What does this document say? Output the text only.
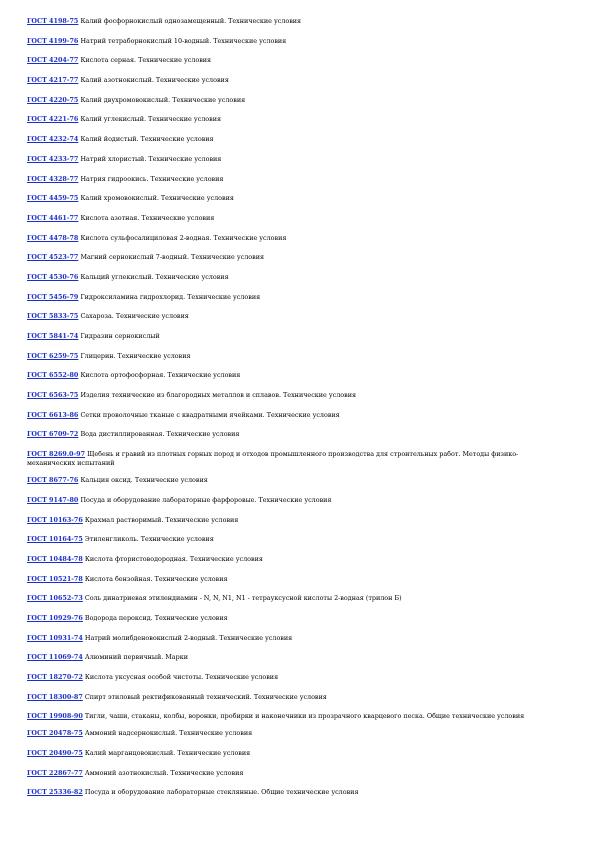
ГОСТ 4198-75 Калий фосфорнокислый однозамещенный. Технические условия
ГОСТ 4199-76 Натрий тетраборнокислый 10-водный. Технические условия
ГОСТ 4204-77 Кислота серная. Технические условия
ГОСТ 4217-77 Калий азотнокислый. Технические условия
ГОСТ 4220-75 Калий двухромовокислый. Технические условия
ГОСТ 4221-76 Калий углекислый. Технические условия
ГОСТ 4232-74 Калий йодистый. Технические условия
ГОСТ 4233-77 Натрий хлористый. Технические условия
ГОСТ 4328-77 Натрия гидроокись. Технические условия
ГОСТ 4459-75 Калий хромовокислый. Технические условия
ГОСТ 4461-77 Кислота азотная. Технические условия
ГОСТ 4478-78 Кислота сульфосалициловая 2-водная. Технические условия
ГОСТ 4523-77 Магний сернокислый 7-водный. Технические условия
ГОСТ 4530-76 Кальций углекислый. Технические условия
ГОСТ 5456-79 Гидроксиламина гидрохлорид. Технические условия
ГОСТ 5833-75 Сахароза. Технические условия
ГОСТ 5841-74 Гидразин сернокислый
ГОСТ 6259-75 Глицерин. Технические условия
ГОСТ 6552-80 Кислота ортофосфорная. Технические условия
ГОСТ 6563-75 Изделия технические из благородных металлов и сплавов. Технические условия
ГОСТ 6613-86 Сетки проволочные тканые с квадратными ячейками. Технические условия
ГОСТ 6709-72 Вода дистиллированная. Технические условия
ГОСТ 8269.0-97 Щебень и гравий из плотных горных пород и отходов промышленного производства для строительных работ. Методы физико-механических испытаний
ГОСТ 8677-76 Кальция оксид. Технические условия
ГОСТ 9147-80 Посуда и оборудование лабораторные фарфоровые. Технические условия
ГОСТ 10163-76 Крахмал растворимый. Технические условия
ГОСТ 10164-75 Этиленгликоль. Технические условия
ГОСТ 10484-78 Кислота фтористоводородная. Технические условия
ГОСТ 10521-78 Кислота бензойная. Технические условия
ГОСТ 10652-73 Соль динатриевая этилендиамин - N, N, N1, N1 - тетрауксусной кислоты 2-водная (трилон Б)
ГОСТ 10929-76 Водорода пероксид. Технические условия
ГОСТ 10931-74 Натрий молибденовокислый 2-водный. Технические условия
ГОСТ 11069-74 Алюминий первичный. Марки
ГОСТ 18270-72 Кислота уксусная особой чистоты. Технические условия
ГОСТ 18300-87 Спирт этиловый ректификованный технический. Технические условия
ГОСТ 19908-90 Тигли, чаши, стаканы, колбы, воронки, пробирки и наконечники из прозрачного кварцевого песка. Общие технические условия
ГОСТ 20478-75 Аммоний надсернокислый. Технические условия
ГОСТ 20490-75 Калий марганцовокислый. Технические условия
ГОСТ 22867-77 Аммоний азотнокислый. Технические условия
ГОСТ 25336-82 Посуда и оборудование лабораторные стеклянные. Общие технические условия
